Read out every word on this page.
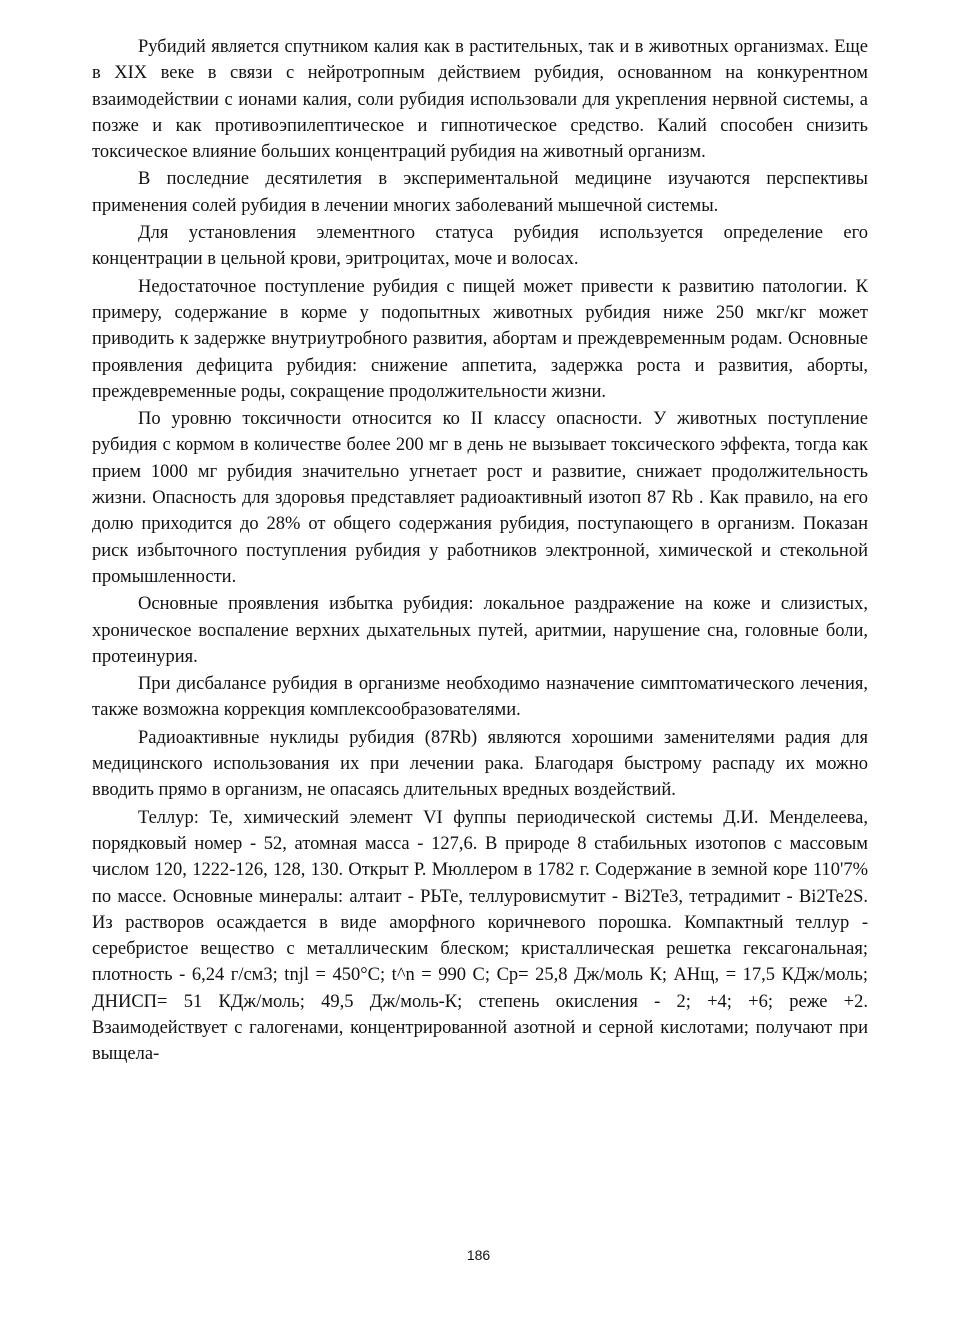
Рубидий является спутником калия как в растительных, так и в животных организмах. Еще в XIX веке в связи с нейротропным действием рубидия, основанном на конкурентном взаимодействии с ионами калия, соли рубидия использовали для укрепления нервной системы, а позже и как противоэпилептическое и гипнотическое средство. Калий способен снизить токсическое влияние больших концентраций рубидия на животный организм.

В последние десятилетия в экспериментальной медицине изучаются перспективы применения солей рубидия в лечении многих заболеваний мышечной системы.

Для установления элементного статуса рубидия используется определение его концентрации в цельной крови, эритроцитах, моче и волосах.

Недостаточное поступление рубидия с пищей может привести к развитию патологии. К примеру, содержание в корме у подопытных животных рубидия ниже 250 мкг/кг может приводить к задержке внутриутробного развития, абортам и преждевременным родам. Основные проявления дефицита рубидия: снижение аппетита, задержка роста и развития, аборты, преждевременные роды, сокращение продолжительности жизни.

По уровню токсичности относится ко II классу опасности. У животных поступление рубидия с кормом в количестве более 200 мг в день не вызывает токсического эффекта, тогда как прием 1000 мг рубидия значительно угнетает рост и развитие, снижает продолжительность жизни. Опасность для здоровья представляет радиоактивный изотоп 87 Rb . Как правило, на его долю приходится до 28% от общего содержания рубидия, поступающего в организм. Показан риск избыточного поступления рубидия у работников электронной, химической и стекольной промышленности.

Основные проявления избытка рубидия: локальное раздражение на коже и слизистых, хроническое воспаление верхних дыхательных путей, аритмии, нарушение сна, головные боли, протеинурия.

При дисбалансе рубидия в организме необходимо назначение симптоматического лечения, также возможна коррекция комплексообразователями.

Радиоактивные нуклиды рубидия (87Rb) являются хорошими заменителями радия для медицинского использования их при лечении рака. Благодаря быстрому распаду их можно вводить прямо в организм, не опасаясь длительных вредных воздействий.

Теллур: Те, химический элемент VI фуппы периодической системы Д.И. Менделеева, порядковый номер - 52, атомная масса - 127,6. В природе 8 стабильных изотопов с массовым числом 120, 1222-126, 128, 130. Открыт Р. Мюллером в 1782 г. Содержание в земной коре 110'7% по массе. Основные минералы: алтаит - РЬТе, теллуровисмутит - Bi2Te3, тетрадимит - Bi2Te2S. Из растворов осаждается в виде аморфного коричневого порошка. Компактный теллур - серебристое вещество с металлическим блеском; кристаллическая решетка гексагональная; плотность - 6,24 г/см3; tnjl = 450°С; t^n = 990 С; Ср= 25,8 Дж/моль К; АНщ, = 17,5 КДж/моль; ДНИСП= 51 КДж/моль; 49,5 Дж/моль-К; степень окисления - 2; +4; +6; реже +2. Взаимодействует с галогенами, концентрированной азотной и серной кислотами; получают при выщела-

186
